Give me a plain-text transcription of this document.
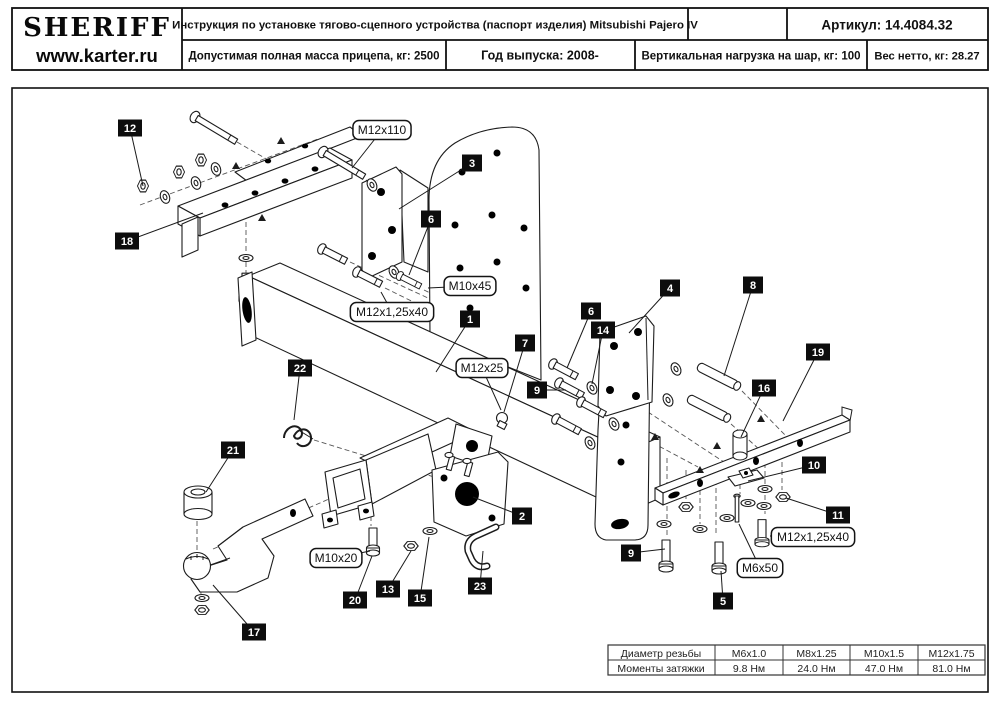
SHERIFF
www.karter.ru
Инструкция по установке тягово-сцепного устройства (паспорт изделия) Mitsubishi Pajero IV	Артикул: 14.4084.32
Допустимая полная масса прицепа, кг: 2500	Год выпуска: 2008-	Вертикальная нагрузка на шар, кг: 100 Вес нетто, кг: 28.27
12
18
22
21
17
20
13
15
23
2
1
7
3
6
6
14
4
9
8
19
16
10
11
9
5
M12x110
M10x45
M12x1,25x40
M12x25
M10x20
M6x50
M12x1,25x40
Диаметр резьбы	M6x1.0	M8x1.25	M10x1.5 M12x1.75
Моменты затяжки	9.8 Нм	24.0 Нм	47.0 Нм	81.0 Нм
